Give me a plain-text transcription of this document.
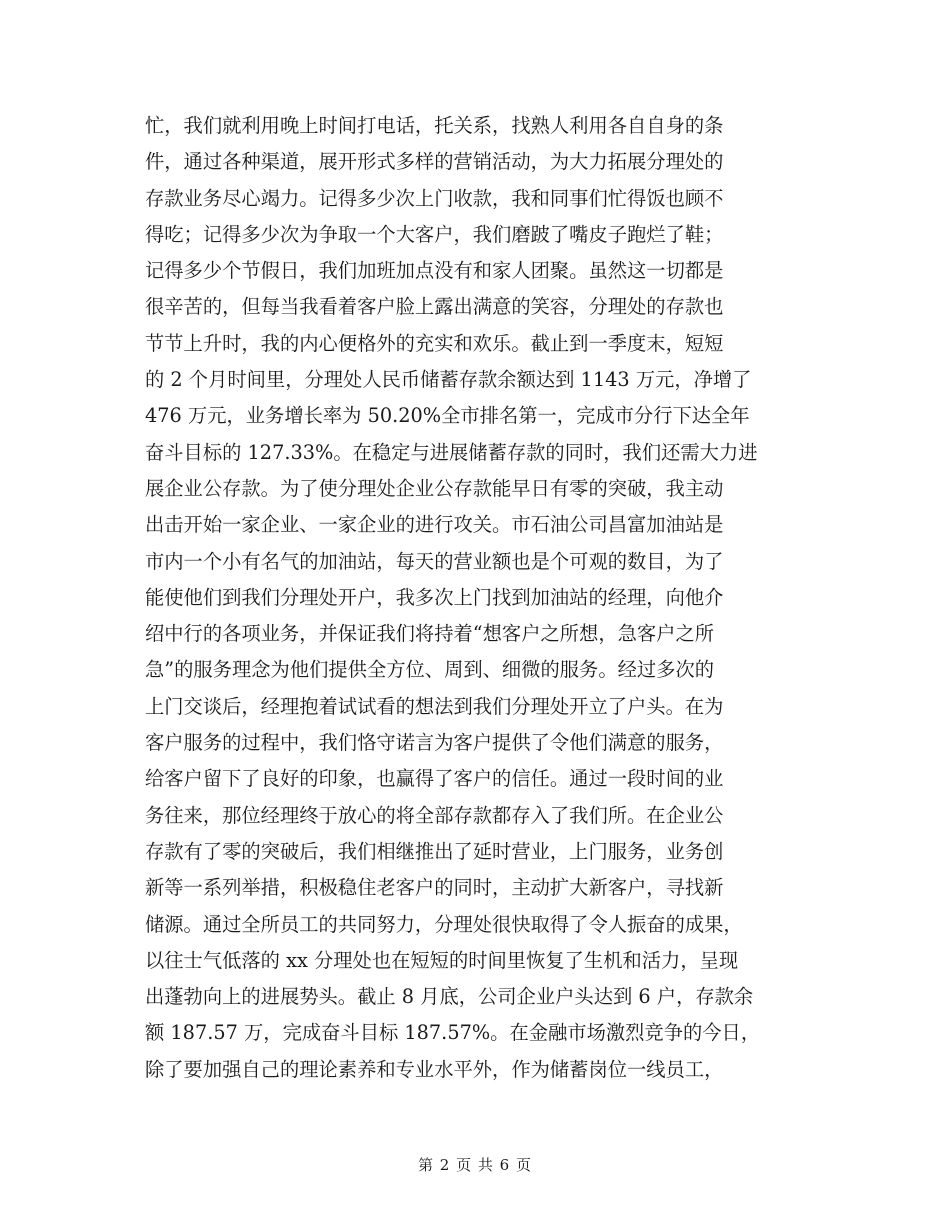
忙，我们就利用晚上时间打电话，托关系，找熟人利用各自自身的条
件，通过各种渠道，展开形式多样的营销活动，为大力拓展分理处的
存款业务尽心竭力。记得多少次上门收款，我和同事们忙得饭也顾不
得吃；记得多少次为争取一个大客户，我们磨跛了嘴皮子跑烂了鞋；
记得多少个节假日，我们加班加点没有和家人团聚。虽然这一切都是
很辛苦的，但每当我看着客户脸上露出满意的笑容，分理处的存款也
节节上升时，我的内心便格外的充实和欢乐。截止到一季度末，短短
的 2 个月时间里，分理处人民币储蓄存款余额达到 1143 万元，净增了
476 万元，业务增长率为 50.20%全市排名第一，完成市分行下达全年
奋斗目标的 127.33%。在稳定与进展储蓄存款的同时，我们还需大力进
展企业公存款。为了使分理处企业公存款能早日有零的突破，我主动
出击开始一家企业、一家企业的进行攻关。市石油公司昌富加油站是
市内一个小有名气的加油站，每天的营业额也是个可观的数目，为了
能使他们到我们分理处开户，我多次上门找到加油站的经理，向他介
绍中行的各项业务，并保证我们将持着“想客户之所想，急客户之所
急”的服务理念为他们提供全方位、周到、细微的服务。经过多次的
上门交谈后，经理抱着试试看的想法到我们分理处开立了户头。在为
客户服务的过程中，我们恪守诺言为客户提供了令他们满意的服务，
给客户留下了良好的印象，也赢得了客户的信任。通过一段时间的业
务往来，那位经理终于放心的将全部存款都存入了我们所。在企业公
存款有了零的突破后，我们相继推出了延时营业，上门服务，业务创
新等一系列举措，积极稳住老客户的同时，主动扩大新客户，寻找新
储源。通过全所员工的共同努力，分理处很快取得了令人振奋的成果，
以往士气低落的 xx 分理处也在短短的时间里恢复了生机和活力，呈现
出蓬勃向上的进展势头。截止 8 月底，公司企业户头达到 6 户，存款余
额 187.57 万，完成奋斗目标 187.57%。在金融市场激烈竞争的今日，
除了要加强自己的理论素养和专业水平外，作为储蓄岗位一线员工，
第 2 页 共 6 页
